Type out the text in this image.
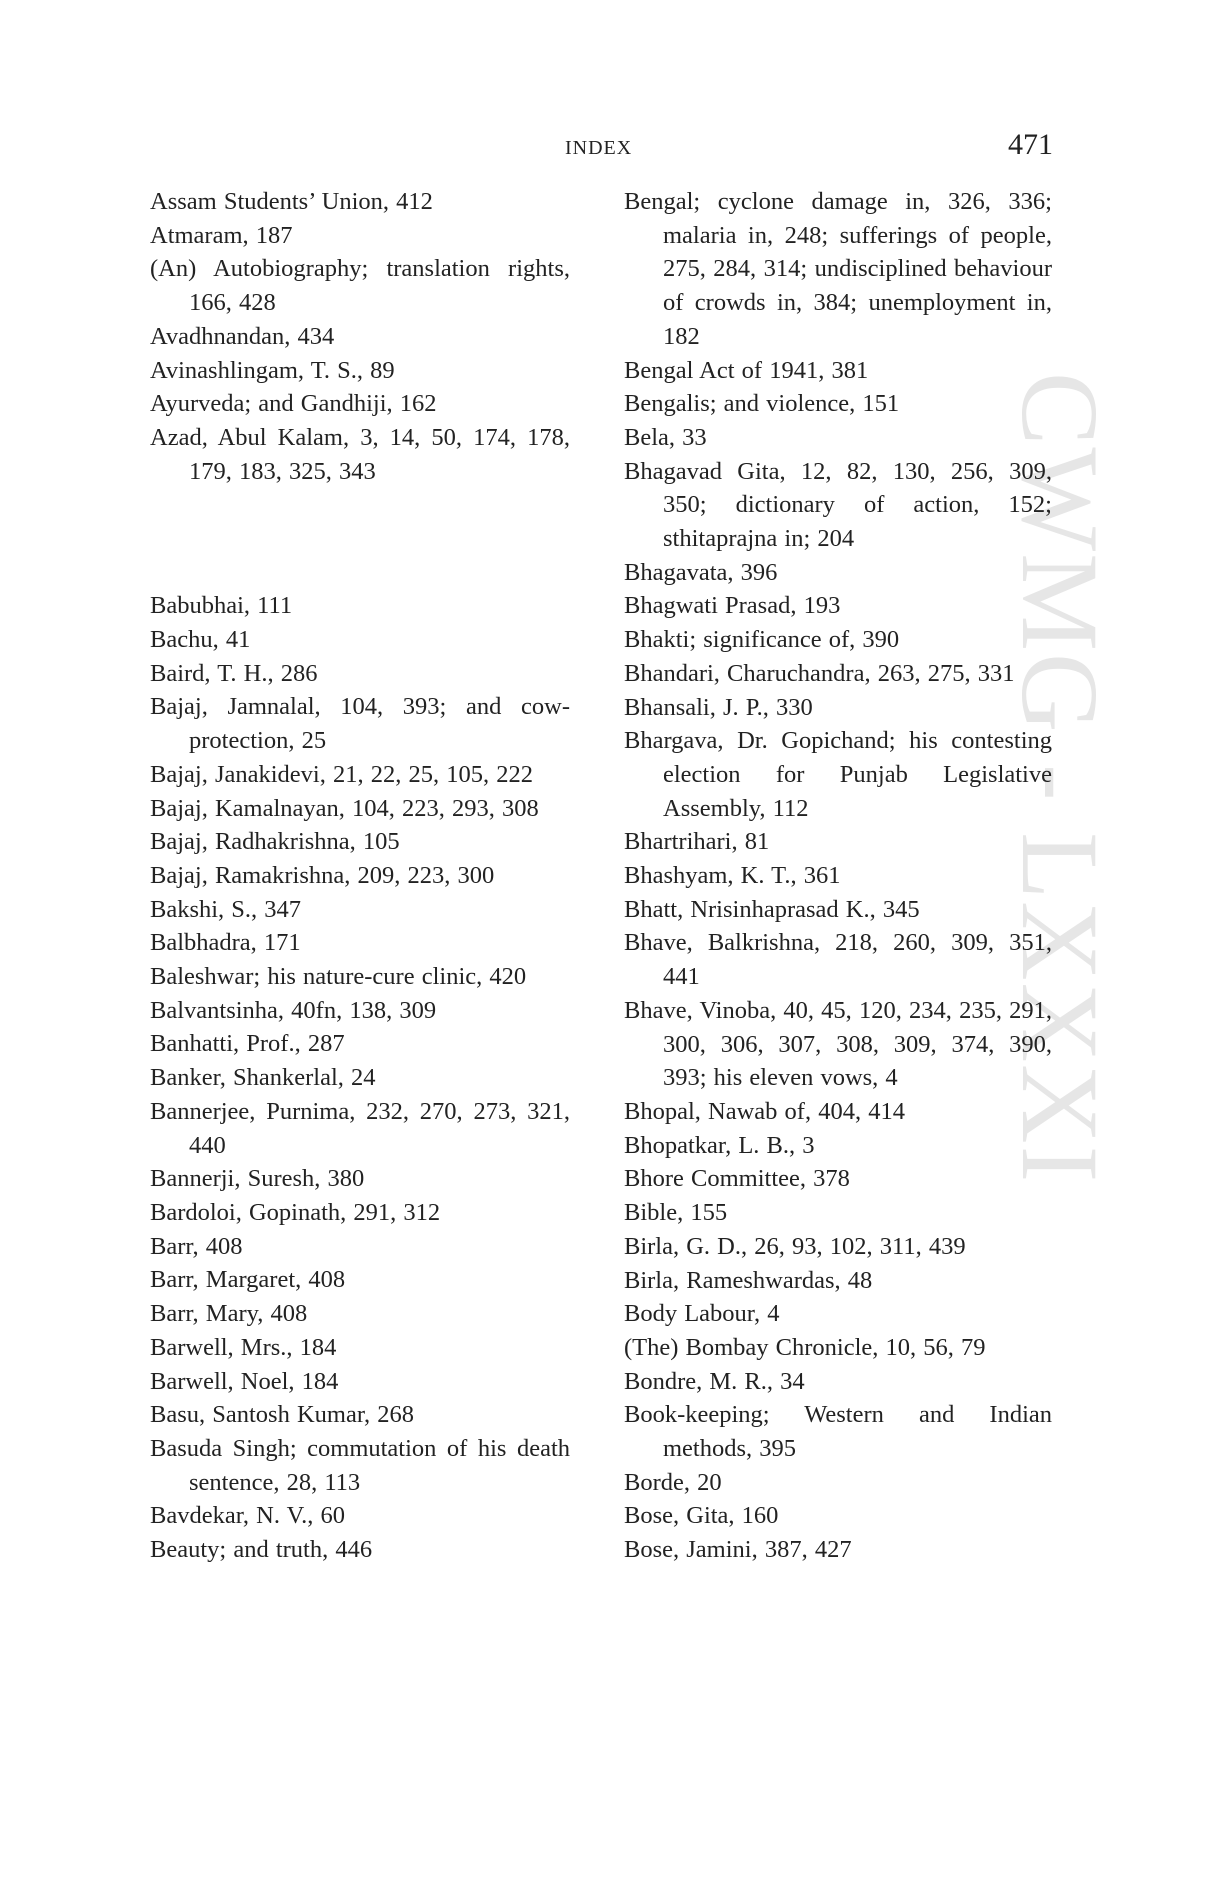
INDEX	471
CWMG - LXXXI
Assam Students’ Union, 412
Atmaram, 187
(An) Autobiography; translation rights, 166, 428
Avadhnandan, 434
Avinashlingam, T. S., 89
Ayurveda; and Gandhiji, 162
Azad, Abul Kalam, 3, 14, 50, 174, 178, 179, 183, 325, 343
Babubhai, 111
Bachu, 41
Baird, T. H., 286
Bajaj, Jamnalal, 104, 393; and cow-protection, 25
Bajaj, Janakidevi, 21, 22, 25, 105, 222
Bajaj, Kamalnayan, 104, 223, 293, 308
Bajaj, Radhakrishna, 105
Bajaj, Ramakrishna, 209, 223, 300
Bakshi, S., 347
Balbhadra, 171
Baleshwar; his nature-cure clinic, 420
Balvantsinha, 40fn, 138, 309
Banhatti, Prof., 287
Banker, Shankerlal, 24
Bannerjee, Purnima, 232, 270, 273, 321, 440
Bannerji, Suresh, 380
Bardoloi, Gopinath, 291, 312
Barr, 408
Barr, Margaret, 408
Barr, Mary, 408
Barwell, Mrs., 184
Barwell, Noel, 184
Basu, Santosh Kumar, 268
Basuda Singh; commutation of his death sentence, 28, 113
Bavdekar, N. V., 60
Beauty; and truth, 446
Bengal; cyclone damage in, 326, 336; malaria in, 248; sufferings of people, 275, 284, 314; undisciplined behaviour of crowds in, 384; unemployment in, 182
Bengal Act of 1941, 381
Bengalis; and violence, 151
Bela, 33
Bhagavad Gita, 12, 82, 130, 256, 309, 350; dictionary of action, 152; sthitaprajna in; 204
Bhagavata, 396
Bhagwati Prasad, 193
Bhakti; significance of, 390
Bhandari, Charuchandra, 263, 275, 331
Bhansali, J. P., 330
Bhargava, Dr. Gopichand; his contesting election for Punjab Legislative Assembly, 112
Bhartrihari, 81
Bhashyam, K. T., 361
Bhatt, Nrisinhaprasad K., 345
Bhave, Balkrishna, 218, 260, 309, 351, 441
Bhave, Vinoba, 40, 45, 120, 234, 235, 291, 300, 306, 307, 308, 309, 374, 390, 393; his eleven vows, 4
Bhopal, Nawab of, 404, 414
Bhopatkar, L. B., 3
Bhore Committee, 378
Bible, 155
Birla, G. D., 26, 93, 102, 311, 439
Birla, Rameshwardas, 48
Body Labour, 4
(The) Bombay Chronicle, 10, 56, 79
Bondre, M. R., 34
Book-keeping; Western and Indian methods, 395
Borde, 20
Bose, Gita, 160
Bose, Jamini, 387, 427
